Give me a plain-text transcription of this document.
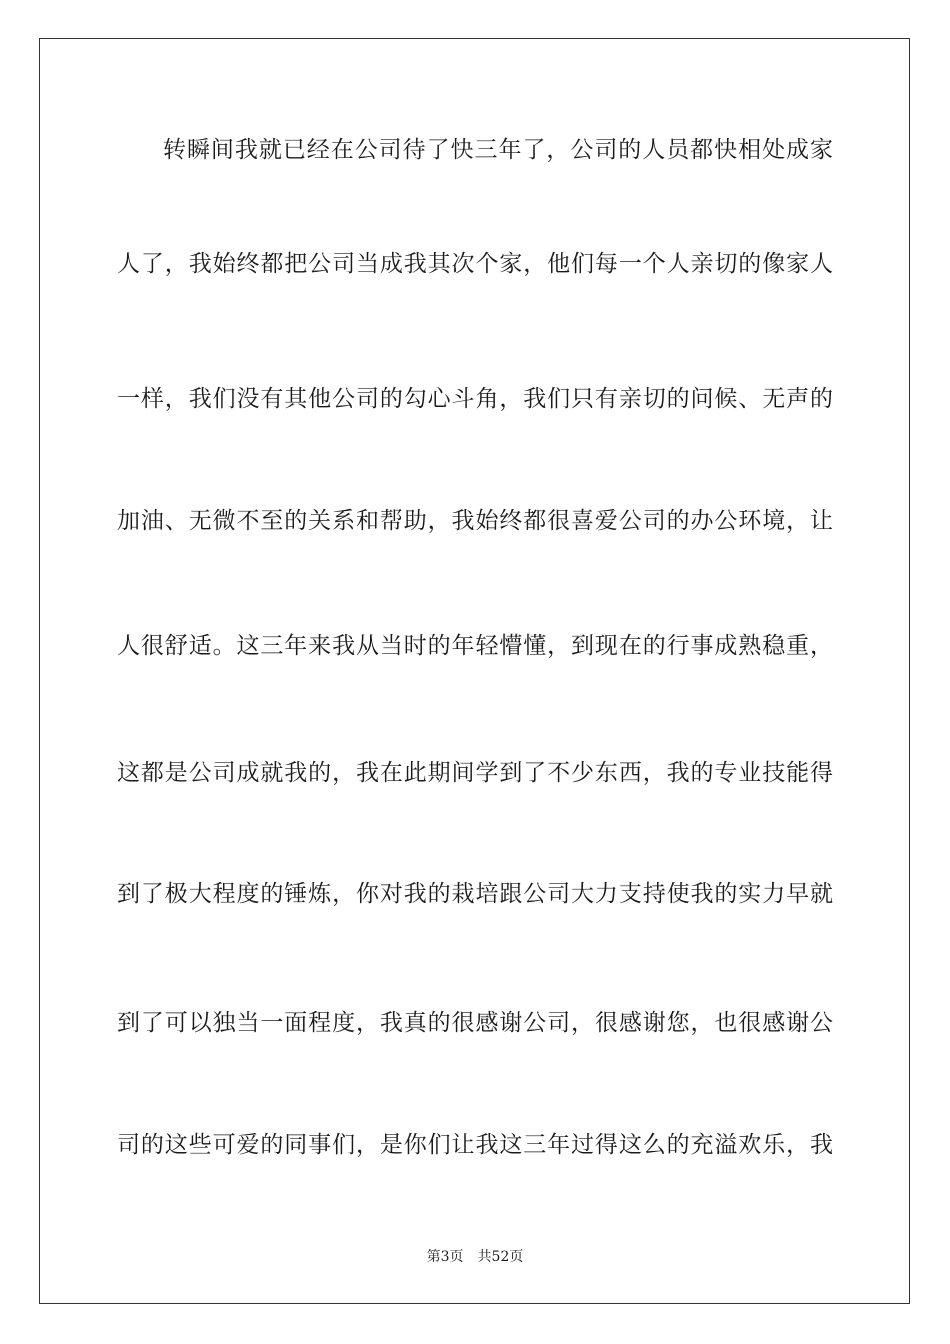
转瞬间我就已经在公司待了快三年了，公司的人员都快相处成家
人了，我始终都把公司当成我其次个家，他们每一个人亲切的像家人
一样，我们没有其他公司的勾心斗角，我们只有亲切的问候、无声的
加油、无微不至的关系和帮助，我始终都很喜爱公司的办公环境，让
人很舒适。这三年来我从当时的年轻懵懂，到现在的行事成熟稳重，
这都是公司成就我的，我在此期间学到了不少东西，我的专业技能得
到了极大程度的锤炼，你对我的栽培跟公司大力支持使我的实力早就
到了可以独当一面程度，我真的很感谢公司，很感谢您，也很感谢公
司的这些可爱的同事们，是你们让我这三年过得这么的充溢欢乐，我
第3页 共52页
